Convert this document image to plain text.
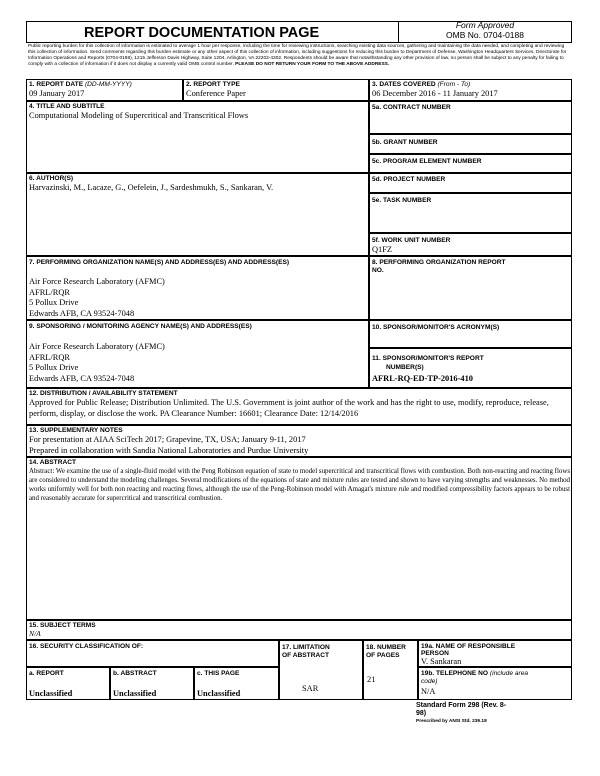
REPORT DOCUMENTATION PAGE	Form Approved
OMB No. 0704-0188
Public reporting burden for this collection of information is estimated to average 1 hour per response, including the time for reviewing instructions, searching existing data sources, gathering and maintaining the data needed, and completing and reviewing this collection of information. Send comments regarding this burden estimate or any other aspect of this collection of information, including suggestions for reducing this burden to Department of Defense, Washington Headquarters Services, Directorate for Information Operations and Reports (0704-0188), 1215 Jefferson Davis Highway, Suite 1204, Arlington, VA 22202-4302. Respondents should be aware that notwithstanding any other provision of law, no person shall be subject to any penalty for failing to comply with a collection of information if it does not display a currently valid OMB control number. PLEASE DO NOT RETURN YOUR FORM TO THE ABOVE ADDRESS.
1. REPORT DATE (DD-MM-YYYY)
09 January 2017
2. REPORT TYPE
Conference Paper
3. DATES COVERED (From - To)
06 December 2016 - 11 January 2017
4. TITLE AND SUBTITLE
Computational Modeling of Supercritical and Transcritical Flows
5a. CONTRACT NUMBER
5b. GRANT NUMBER
5c. PROGRAM ELEMENT NUMBER
6. AUTHOR(S)
Harvazinski, M., Lacaze, G., Oefelein, J., Sardeshmukh, S., Sankaran, V.
5d. PROJECT NUMBER
5e. TASK NUMBER
5f. WORK UNIT NUMBER
Q1FZ
7. PERFORMING ORGANIZATION NAME(S) AND ADDRESS(ES) AND ADDRESS(ES)
Air Force Research Laboratory (AFMC)
AFRL/RQR
5 Pollux Drive
Edwards AFB, CA 93524-7048
8. PERFORMING ORGANIZATION REPORT
NO.
9. SPONSORING / MONITORING AGENCY NAME(S) AND ADDRESS(ES)
Air Force Research Laboratory (AFMC)
AFRL/RQR
5 Pollux Drive
Edwards AFB, CA 93524-7048
10. SPONSOR/MONITOR'S ACRONYM(S)
11. SPONSOR/MONITOR'S REPORT
NUMBER(S)
AFRL-RQ-ED-TP-2016-410
12. DISTRIBUTION / AVAILABILITY STATEMENT
Approved for Public Release; Distribution Unlimited. The U.S. Government is joint author of the work and has the right to use, modify, reproduce, release, perform, display, or disclose the work. PA Clearance Number: 16601; Clearance Date: 12/14/2016
13. SUPPLEMENTARY NOTES
For presentation at AIAA SciTech 2017; Grapevine, TX, USA; January 9-11, 2017
Prepared in collaboration with Sandia National Laboratories and Purdue University
14. ABSTRACT
Abstract: We examine the use of a single-fluid model with the Peng Robinson equation of state to model supercritical and transcritical flows with combustion. Both non-reacting and reacting flows are considered to understand the modeling challenges. Several modifications of the equations of state and mixture rules are tested and shown to have varying strengths and weaknesses. No method works uniformly well for both non reacting and reacting flows, although the use of the Peng-Robinson model with Amagat's mixture rule and modified compressibility factors appears to be robust and reasonably accurate for supercritical and transcritical combustion.
15. SUBJECT TERMS
N/A
16. SECURITY CLASSIFICATION OF:
a. REPORT
Unclassified
b. ABSTRACT
Unclassified
c. THIS PAGE
Unclassified
17. LIMITATION
OF ABSTRACT
SAR
18. NUMBER
OF PAGES
21
19a. NAME OF RESPONSIBLE
PERSON
V. Sankaran
19b. TELEPHONE NO (include area
code)
N/A
Standard Form 298 (Rev. 8-
98)
Prescribed by ANSI Std. 239.18
